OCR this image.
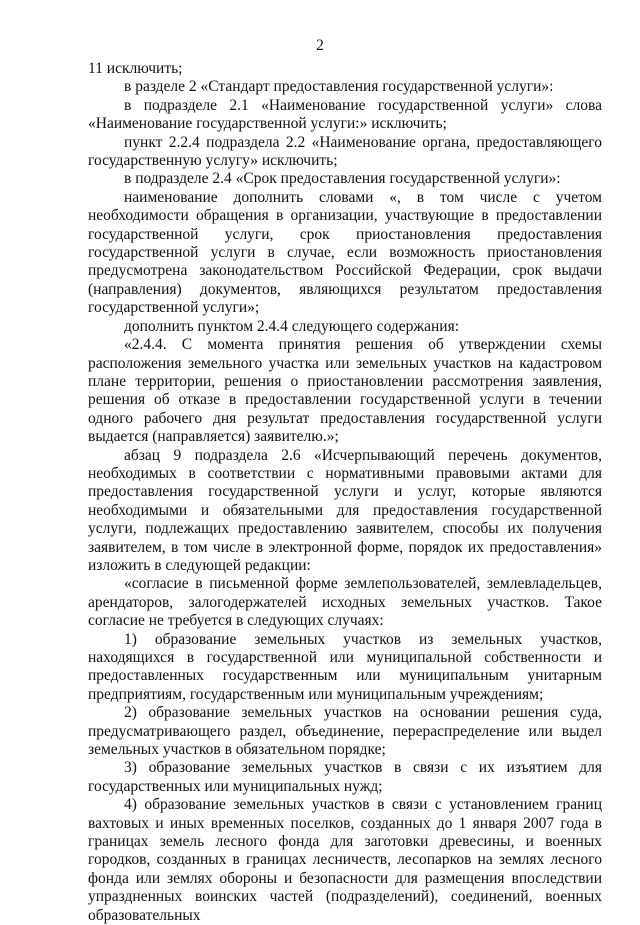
2

11 исключить;

в разделе 2 «Стандарт предоставления государственной услуги»:

в подразделе 2.1 «Наименование государственной услуги» слова «Наименование государственной услуги:» исключить;

пункт 2.2.4 подраздела 2.2 «Наименование органа, предоставляющего государственную услугу» исключить;

в подразделе 2.4 «Срок предоставления государственной услуги»:

наименование дополнить словами «, в том числе с учетом необходимости обращения в организации, участвующие в предоставлении государственной услуги, срок приостановления предоставления государственной услуги в случае, если возможность приостановления предусмотрена законодательством Российской Федерации, срок выдачи (направления) документов, являющихся результатом предоставления государственной услуги»;

дополнить пунктом 2.4.4 следующего содержания:

«2.4.4. С момента принятия решения об утверждении схемы расположения земельного участка или земельных участков на кадастровом плане территории, решения о приостановлении рассмотрения заявления, решения об отказе в предоставлении государственной услуги в течении одного рабочего дня результат предоставления государственной услуги выдается (направляется) заявителю.»;

абзац 9 подраздела 2.6 «Исчерпывающий перечень документов, необходимых в соответствии с нормативными правовыми актами для предоставления государственной услуги и услуг, которые являются необходимыми и обязательными для предоставления государственной услуги, подлежащих предоставлению заявителем, способы их получения заявителем, в том числе в электронной форме, порядок их предоставления» изложить в следующей редакции:

«согласие в письменной форме землепользователей, землевладельцев, арендаторов, залогодержателей исходных земельных участков. Такое согласие не требуется в следующих случаях:

1) образование земельных участков из земельных участков, находящихся в государственной или муниципальной собственности и предоставленных государственным или муниципальным унитарным предприятиям, государственным или муниципальным учреждениям;

2) образование земельных участков на основании решения суда, предусматривающего раздел, объединение, перераспределение или выдел земельных участков в обязательном порядке;

3) образование земельных участков в связи с их изъятием для государственных или муниципальных нужд;

4) образование земельных участков в связи с установлением границ вахтовых и иных временных поселков, созданных до 1 января 2007 года в границах земель лесного фонда для заготовки древесины, и военных городков, созданных в границах лесничеств, лесопарков на землях лесного фонда или землях обороны и безопасности для размещения впоследствии упраздненных воинских частей (подразделений), соединений, военных образовательных
